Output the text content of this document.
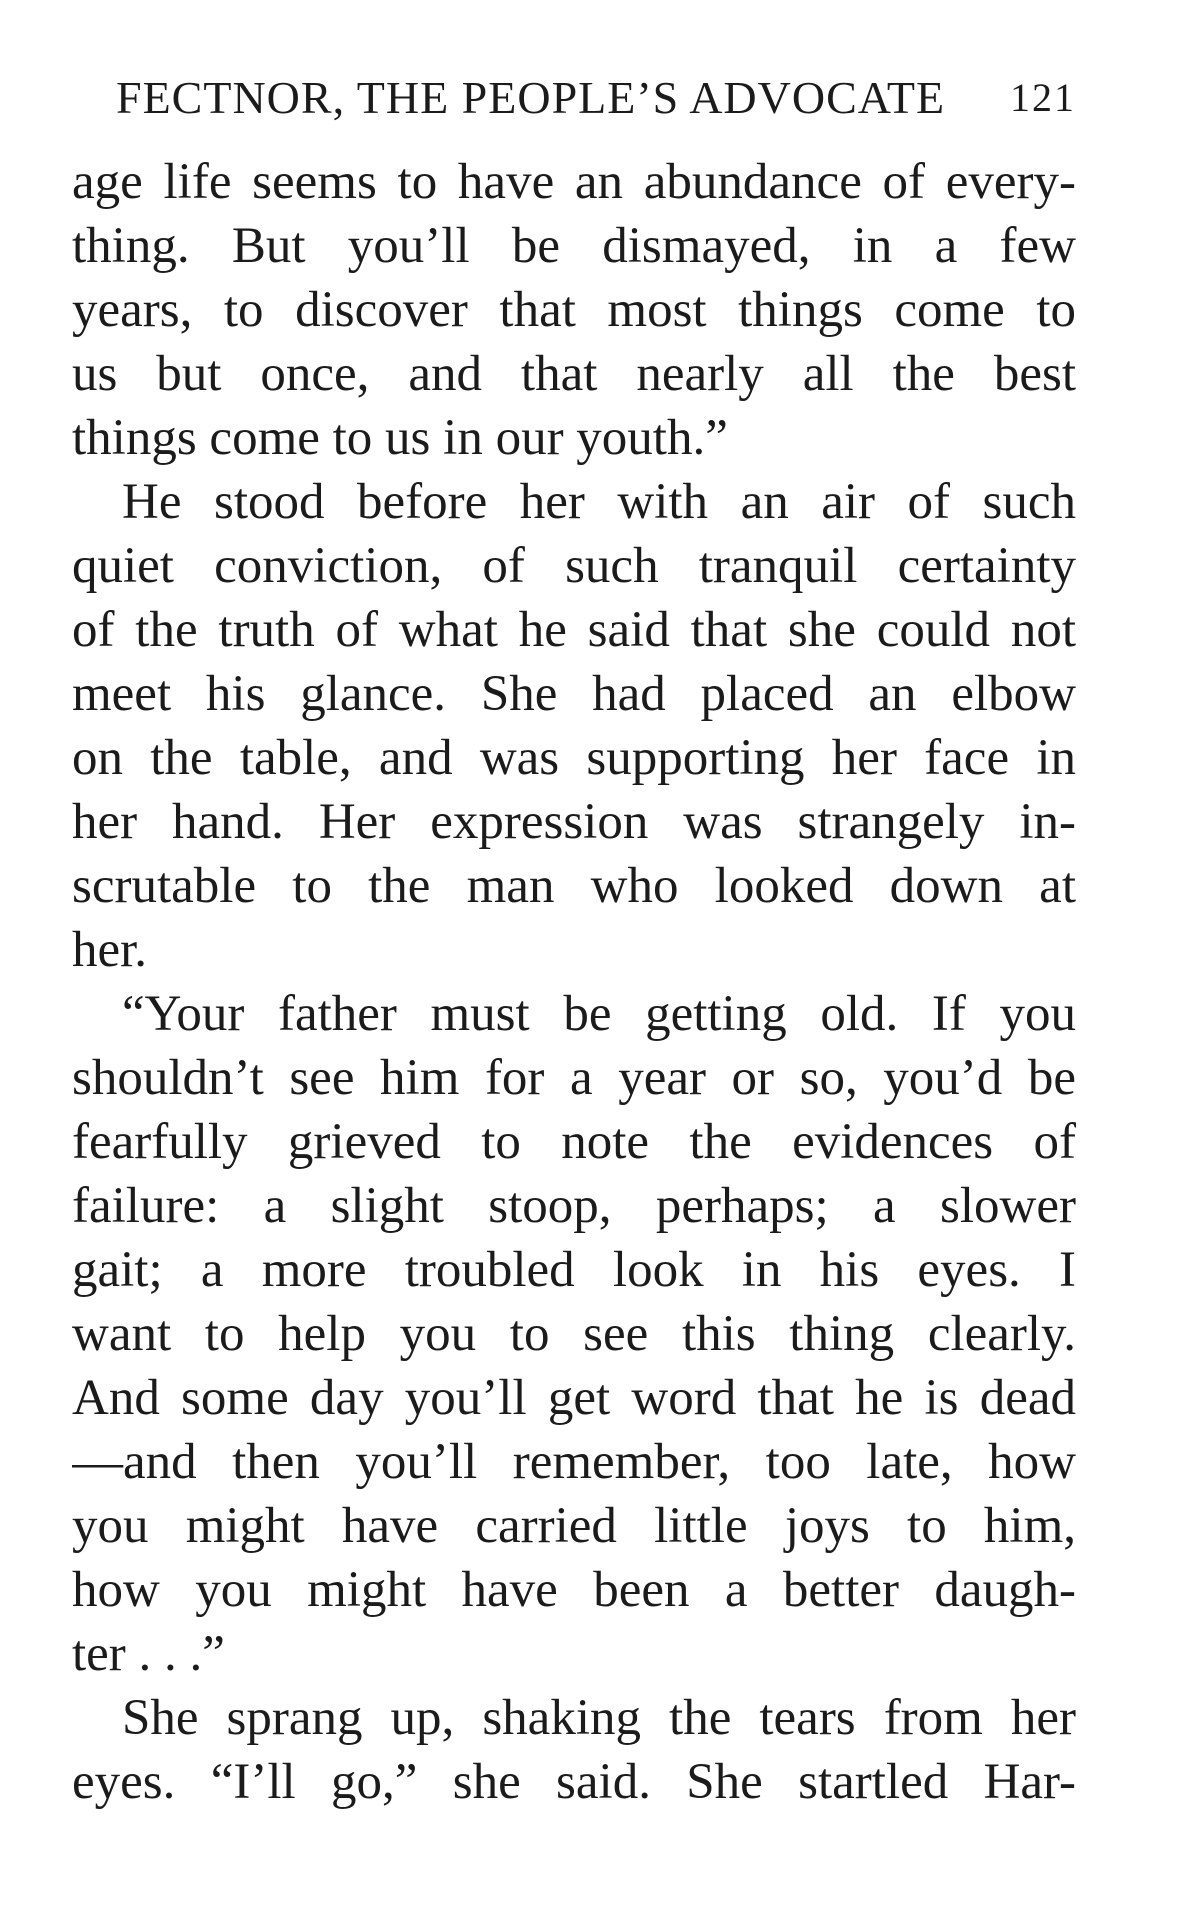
FECTNOR, THE PEOPLE’S ADVOCATE 121
age life seems to have an abundance of every-
thing. But you’ll be dismayed, in a few
years, to discover that most things come to
us but once, and that nearly all the best
things come to us in our youth.”
He stood before her with an air of such
quiet conviction, of such tranquil certainty
of the truth of what he said that she could not
meet his glance. She had placed an elbow
on the table, and was supporting her face in
her hand. Her expression was strangely in-
scrutable to the man who looked down at
her.
“Your father must be getting old. If you
shouldn’t see him for a year or so, you’d be
fearfully grieved to note the evidences of
failure: a slight stoop, perhaps; a slower
gait; a more troubled look in his eyes. I
want to help you to see this thing clearly.
And some day you’ll get word that he is dead
—and then you’ll remember, too late, how
you might have carried little joys to him,
how you might have been a better daugh-
ter . . .”
She sprang up, shaking the tears from her
eyes. “I’ll go,” she said. She startled Har-
